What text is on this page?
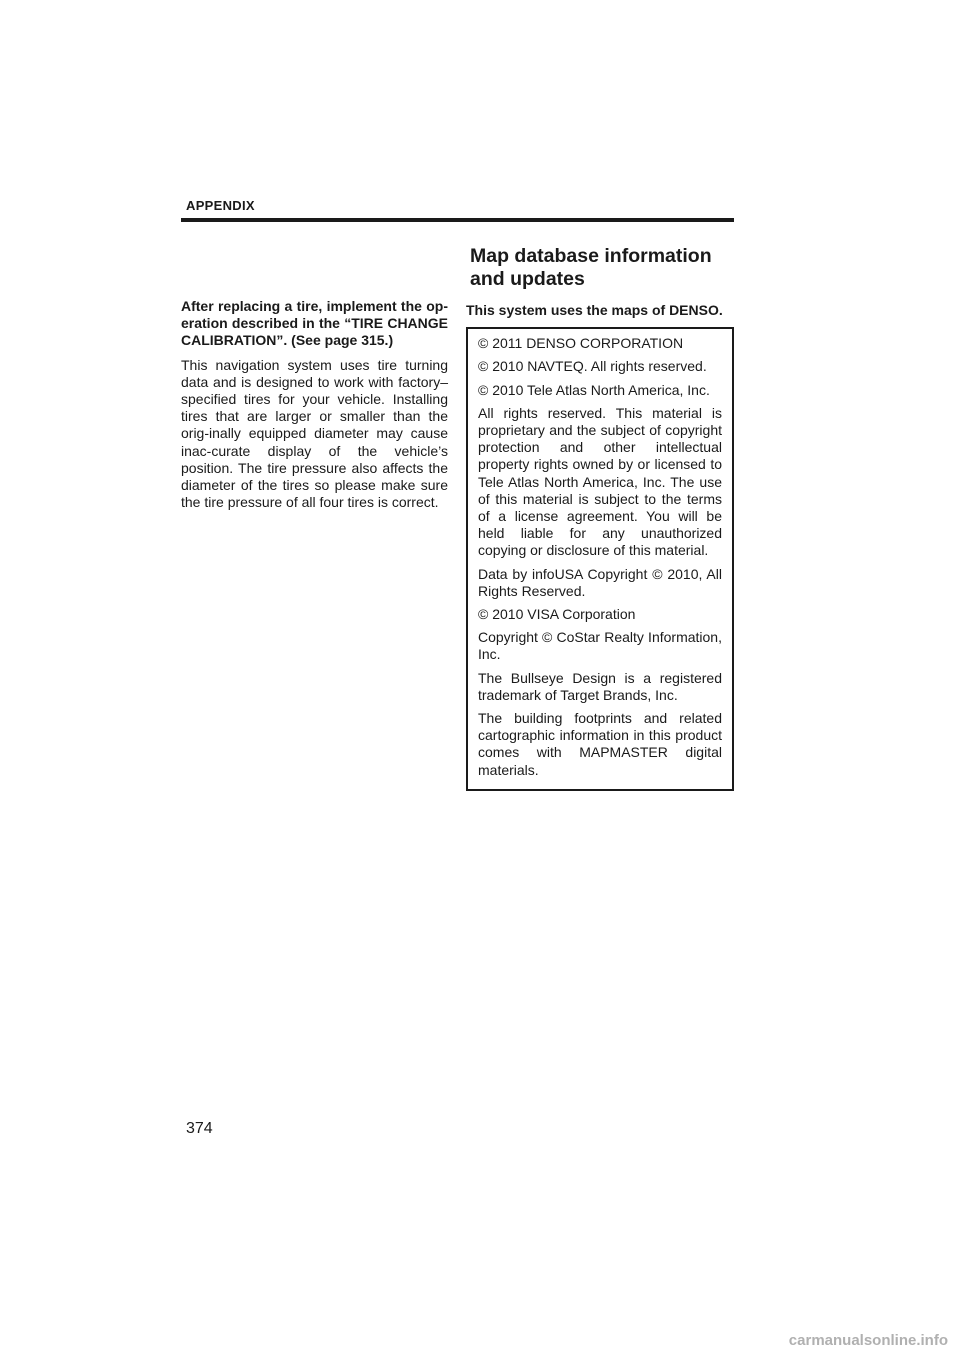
APPENDIX

After replacing a tire, implement the op-eration described in the “TIRE CHANGE CALIBRATION”. (See page 315.)

This navigation system uses tire turning data and is designed to work with factory–specified tires for your vehicle. Installing tires that are larger or smaller than the orig-inally equipped diameter may cause inac-curate display of the vehicle’s position. The tire pressure also affects the diameter of the tires so please make sure the tire pressure of all four tires is correct.

Map database information and updates

This system uses the maps of DENSO.

© 2011 DENSO CORPORATION

© 2010 NAVTEQ. All rights reserved.

© 2010 Tele Atlas North America, Inc.

All rights reserved. This material is proprietary and the subject of copyright protection and other intellectual property rights owned by or licensed to Tele Atlas North America, Inc. The use of this material is subject to the terms of a license agreement. You will be held liable for any unauthorized copying or disclosure of this material.

Data by infoUSA Copyright © 2010, All Rights Reserved.

© 2010 VISA Corporation

Copyright © CoStar Realty Information, Inc.

The Bullseye Design is a registered trademark of Target Brands, Inc.

The building footprints and related cartographic information in this product comes with MAPMASTER digital materials.

374
carmanualsonline.info
